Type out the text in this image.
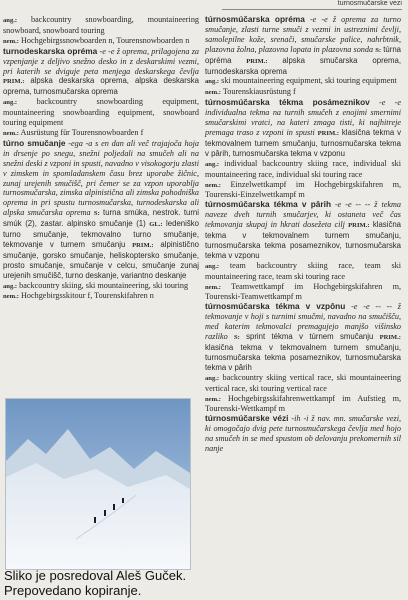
turnosmučarske vezi

ang.: backcountry snowboarding, mountaineering snowboard, snowboard touring

nem.: Hochgebirgssnowboarden n, Tourensnowboarden n

turnodeskarska opréma -e -e ž oprema, prilagojena za vzpenjanje z deljivo snežno desko in z deskarskimi vezmi, pri katerih se dviguje peta menjega deskarskega čevlja PRIM.: alpska deskarska oprema, alpska deskarska oprema, turnosmučarska oprema

ang.: backcountry snowboarding equipment, mountaineering snowboarding equipment, snowboard touring equipment

nem.: Ausrüstung für Tourensnowboarden f

túrno smučanje -ega -a s en dan ali več trajajoča hoja in drsenje po snegu, snežni poljedali na smučeh ali na snežni deski z vzponi in spusti, navadno v visokogorju zlasti v zimskem in spomladanskem času brez uporabe žičnic, zunaj urejenih smučišč, pri čemer se za vzpon uporablja turnosmučarska, zimska alpinistična ali zimska pohodniška oprema in pri spustu turnosmučarska, turnodeskarska ali alpska smučarska oprema S: turna smúka, nestrok. turni smúk (2), zastar. alpinsko smučanje (1) GL.: ledeniško turno smučanje, tekmovalno turno smučanje, tekmovanje v turnem smučanju PRIM.: alpinistično smučanje, gorsko smučanje, heliskoptersko smučanje, prosto smučanje, smučanje v celcu, smučanje zunaj urejenih smučišč, turno deskanje, variantno deskanje

ang.: backcountry skiing, ski mountaineering, ski touring

nem.: Hochgebirgsskitour f, Tourenskifahren n

túrnosmúčarska opréma -e -e ž oprema za turno smučanje, zlasti turne smuči z vezmi in ustreznimi čevlji, samolepilne kože, srenači, smučarske palice, nahrbtnik, plazovna žolna, plazovna lopata in plazovna sonda S: túrna opréma PRIM.: alpska smučarska oprema, turnodeskarska oprema

ang.: ski mountaineering equipment, ski touring equipment

nem.: Tourenskiausrüstung f

túrnosmúčarska tékma posámeznikov -e -e individualna tekma na turnih smučeh z enojimi smernimi smučarskimi vratci, na kateri zmaga tisti, ki najhitreje premaga traso z vzponi in spusti PRIM.: klasična tekma v tekmovalnem turnem smučanju, turnosmučarska tekma v pârih, turnosmučarska tekma v vzponu

ang.: individual backcountry skiing race, individual ski mountaineering race, individual ski touring race

nem.: Einzelwettkampf im Hochgebirgskifahren m, Tourenski-Einzelwettkampf m

túrnosmúčarska tékma v pârih -e -e -- -- ž tekma naveze dveh turnih smučarjev, ki ostaneta več čas tekmovanja skupaj in hkrati dosežeta cilj PRIM.: klasična tekma v tekmovalnem turnem smučanju, turnosmučarska tekma posameznikov, turnosmučarska tekma v vzponu

ang.: team backcountry skiing race, team ski mountaineering race, team ski touring race

nem.: Teamwettkampf im Hochgebirgskifahren m, Tourenski-Teamwettkampf m

túrnosmúčarska tékma v vzpônu -e -e -- -- ž tekmovanje v hoji s turnimi smučmi, navadno na smučišču, med katerim tekmovalci premagujejo manjšo višinsko razliko S: sprint tékma v túrnem smučanju PRIM.: klasična tekma v tekmovalnem turnem smučanju, turnosmučarska tekma posameznikov, turnosmučarska tekma v pârih

ang.: backcountry skiing vertical race, ski mountaineering vertical race, ski touring vertical race

nem.: Hochgebirgsskifahrenwettkampf im Aufstieg m, Tourenski-Wettkampf m

túrnosmúčarske vézi -ih -i ž nav. mn. smučarske vezi, ki omogočajo dvig pete turnosmučarskega čevlja med hojo na smučeh in se med spustom ob delovanju prekomernih sil nanje

Sliko je posredoval Aleš Guček.
Prepovedano kopiranje.
